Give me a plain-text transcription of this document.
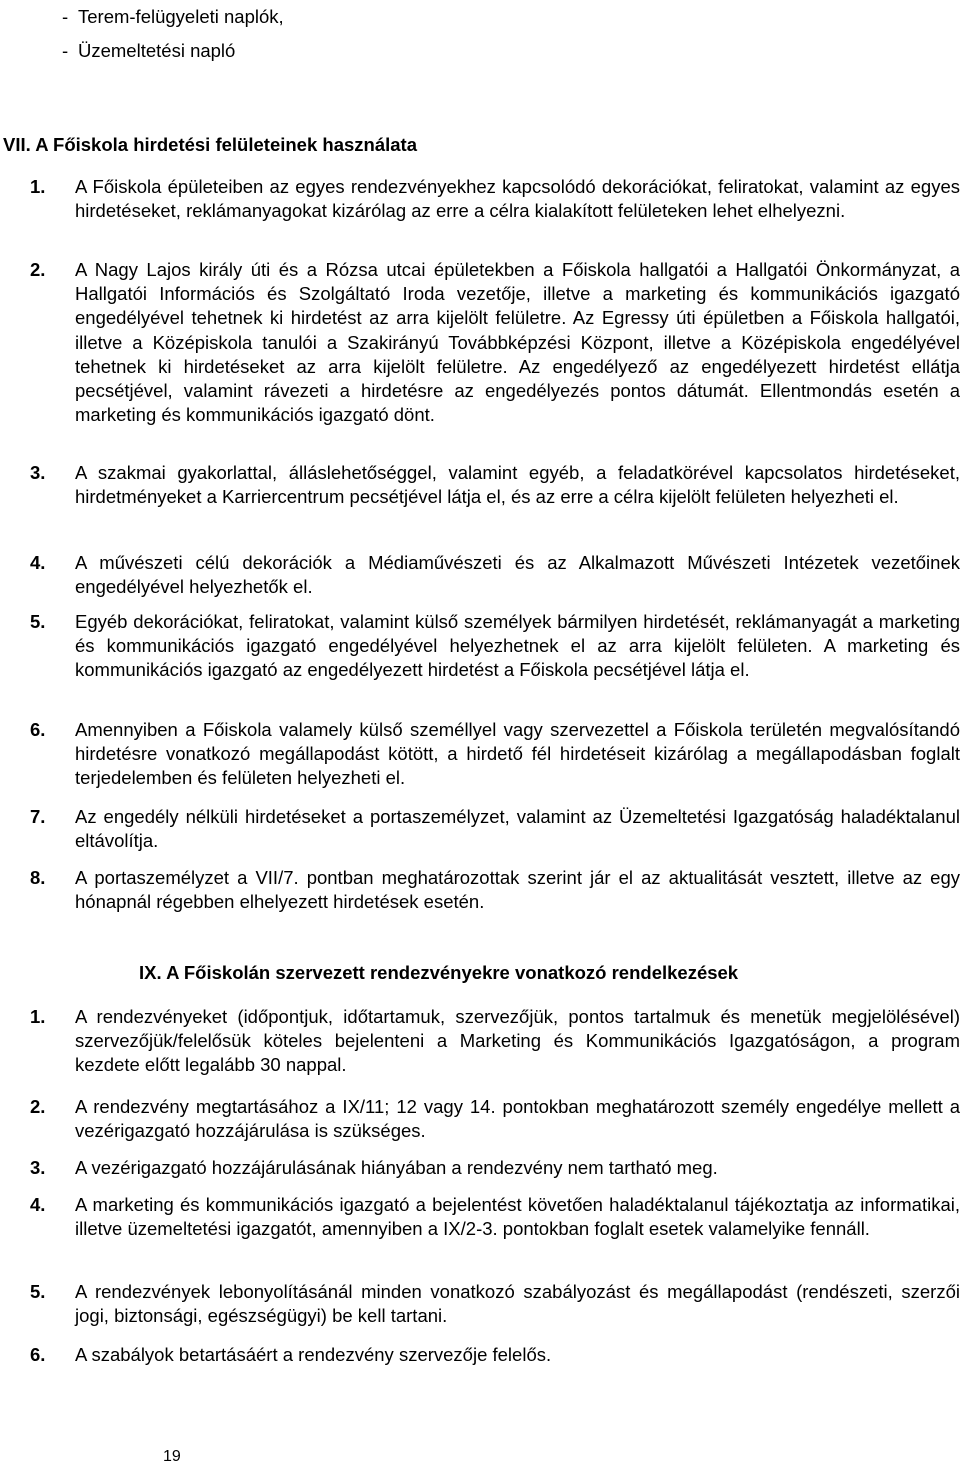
- Terem-felügyeleti naplók,
- Üzemeltetési napló
VII. A Főiskola hirdetési felületeinek használata
1.	A Főiskola épületeiben az egyes rendezvényekhez kapcsolódó dekorációkat, feliratokat, valamint az egyes hirdetéseket, reklámanyagokat kizárólag az erre a célra kialakított felületeken lehet elhelyezni.
2.	A Nagy Lajos király úti és a Rózsa utcai épületekben a Főiskola hallgatói a Hallgatói Önkormányzat, a Hallgatói Információs és Szolgáltató Iroda vezetője, illetve a marketing és kommunikációs igazgató engedélyével tehetnek ki hirdetést az arra kijelölt felületre. Az Egressy úti épületben a Főiskola hallgatói, illetve a Középiskola tanulói a Szakirányú Továbbképzési Központ, illetve a Középiskola engedélyével tehetnek ki hirdetéseket az arra kijelölt felületre. Az engedélyező az engedélyezett hirdetést ellátja pecsétjével, valamint rávezeti a hirdetésre az engedélyezés pontos dátumát. Ellentmondás esetén a marketing és kommunikációs igazgató dönt.
3.	A szakmai gyakorlattal, álláslehetőséggel, valamint egyéb, a feladatkörével kapcsolatos hirdetéseket, hirdetményeket a Karriercentrum pecsétjével látja el, és az erre a célra kijelölt felületen helyezheti el.
4.	A művészeti célú dekorációk a Médiaművészeti és az Alkalmazott Művészeti Intézetek vezetőinek engedélyével helyezhetők el.
5.	Egyéb dekorációkat, feliratokat, valamint külső személyek bármilyen hirdetését, reklámanyagát a marketing és kommunikációs igazgató engedélyével helyezhetnek el az arra kijelölt felületen. A marketing és kommunikációs igazgató az engedélyezett hirdetést a Főiskola pecsétjével látja el.
6.	Amennyiben a Főiskola valamely külső személlyel vagy szervezettel a Főiskola területén megvalósítandó hirdetésre vonatkozó megállapodást kötött, a hirdető fél hirdetéseit kizárólag a megállapodásban foglalt terjedelemben és felületen helyezheti el.
7.	Az engedély nélküli hirdetéseket a portaszemélyzet, valamint az Üzemeltetési Igazgatóság haladéktalanul eltávolítja.
8.	A portaszemélyzet a VII/7. pontban meghatározottak szerint jár el az aktualitását vesztett, illetve az egy hónapnál régebben elhelyezett hirdetések esetén.
IX. A Főiskolán szervezett rendezvényekre vonatkozó rendelkezések
1.	A rendezvényeket (időpontjuk, időtartamuk, szervezőjük, pontos tartalmuk és menetük megjelölésével) szervezőjük/felelősük köteles bejelenteni a Marketing és Kommunikációs Igazgatóságon, a program kezdete előtt legalább 30 nappal.
2.	A rendezvény megtartásához a IX/11; 12 vagy 14. pontokban meghatározott személy engedélye mellett a vezérigazgató hozzájárulása is szükséges.
3.	A vezérigazgató hozzájárulásának hiányában a rendezvény nem tartható meg.
4.	A marketing és kommunikációs igazgató a bejelentést követően haladéktalanul tájékoztatja az informatikai, illetve üzemeltetési igazgatót, amennyiben a IX/2-3. pontokban foglalt esetek valamelyike fennáll.
5.	A rendezvények lebonyolításánál minden vonatkozó szabályozást és megállapodást (rendészeti, szerzői jogi, biztonsági, egészségügyi) be kell tartani.
6.	A szabályok betartásáért a rendezvény szervezője felelős.
19
